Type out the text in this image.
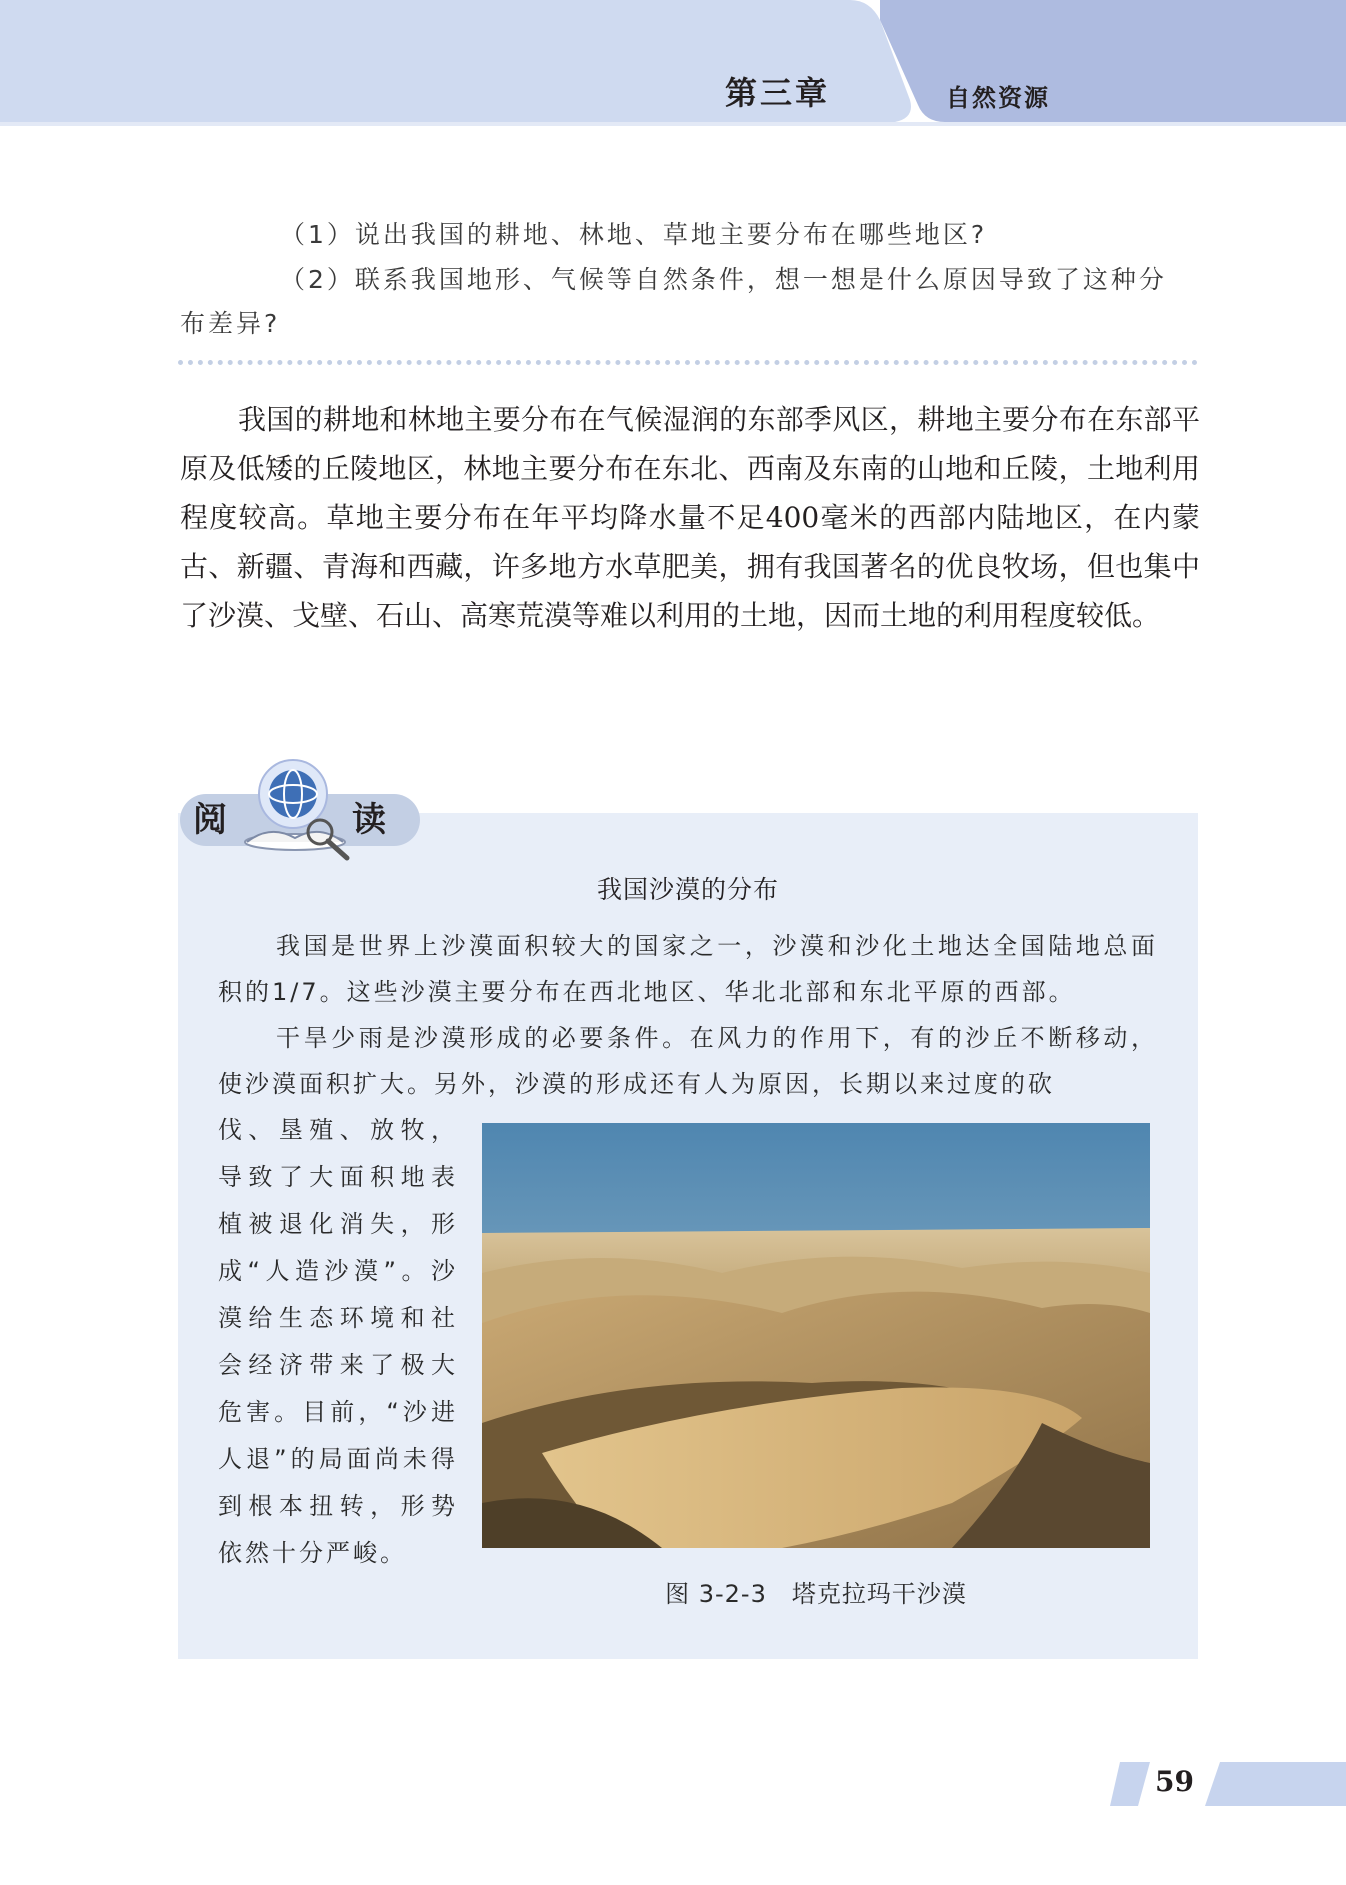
第三章	自然资源
（1）说出我国的耕地、林地、草地主要分布在哪些地区?
（2）联系我国地形、气候等自然条件，想一想是什么原因导致了这种分布差异?
我国的耕地和林地主要分布在气候湿润的东部季风区，耕地主要分布在东部平原及低矮的丘陵地区，林地主要分布在东北、西南及东南的山地和丘陵，土地利用程度较高。草地主要分布在年平均降水量不足400毫米的西部内陆地区，在内蒙古、新疆、青海和西藏，许多地方水草肥美，拥有我国著名的优良牧场，但也集中了沙漠、戈壁、石山、高寒荒漠等难以利用的土地，因而土地的利用程度较低。
阅	读
我国沙漠的分布
我国是世界上沙漠面积较大的国家之一，沙漠和沙化土地达全国陆地总面积的1/7。这些沙漠主要分布在西北地区、华北北部和东北平原的西部。
干旱少雨是沙漠形成的必要条件。在风力的作用下，有的沙丘不断移动，使沙漠面积扩大。另外，沙漠的形成还有人为原因，长期以来过度的砍
伐、垦殖、放牧，导致了大面积地表植被退化消失，形成“人造沙漠”。沙漠给生态环境和社会经济带来了极大危害。目前，“沙进人退”的局面尚未得到根本扭转，形势依然十分严峻。
图 3-2-3　塔克拉玛干沙漠
59
